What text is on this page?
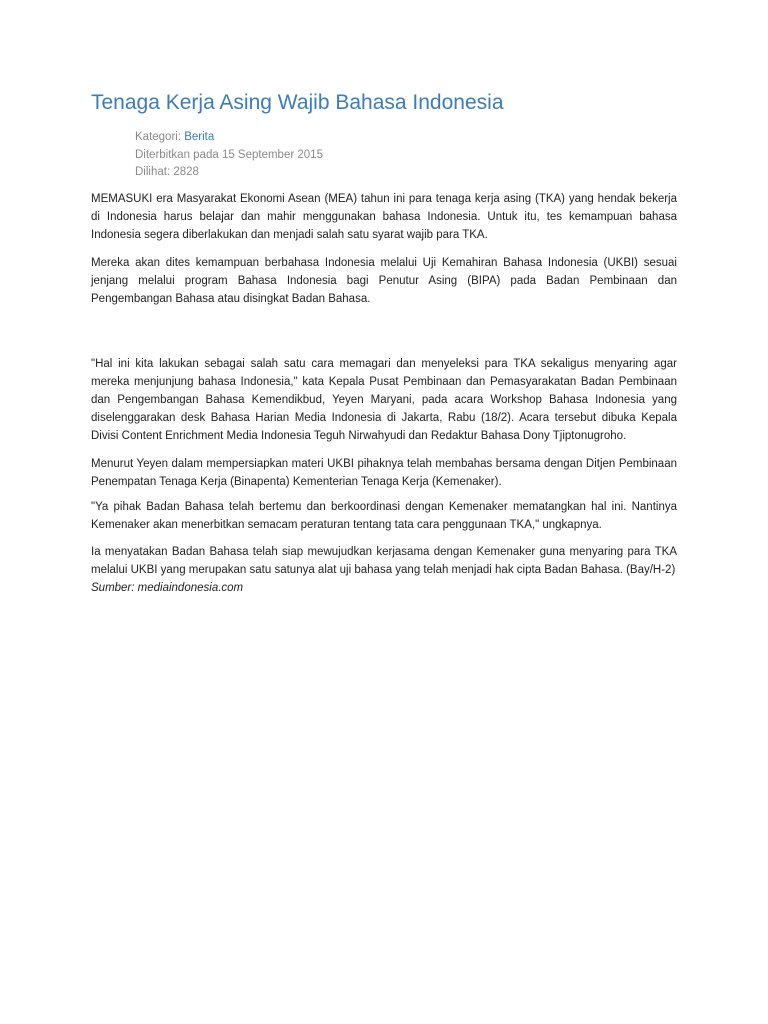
Tenaga Kerja Asing Wajib Bahasa Indonesia
Kategori: Berita
Diterbitkan pada 15 September 2015
Dilihat: 2828

MEMASUKI era Masyarakat Ekonomi Asean (MEA) tahun ini para tenaga kerja asing (TKA) yang hendak bekerja di Indonesia harus belajar dan mahir menggunakan bahasa Indonesia. Untuk itu, tes kemampuan bahasa Indonesia segera diberlakukan dan menjadi salah satu syarat wajib para TKA.

Mereka akan dites kemampuan berbahasa Indonesia melalui Uji Kemahiran Bahasa Indonesia (UKBI) sesuai jenjang melalui program Bahasa Indonesia bagi Penutur Asing (BIPA) pada Badan Pembinaan dan Pengembangan Bahasa atau disingkat Badan Bahasa.

"Hal ini kita lakukan sebagai salah satu cara memagari dan menyeleksi para TKA sekaligus menyaring agar mereka menjunjung bahasa Indonesia," kata Kepala Pusat Pembinaan dan Pemasyarakatan Badan Pembinaan dan Pengembangan Bahasa Kemendikbud, Yeyen Maryani, pada acara Workshop Bahasa Indonesia yang diselenggarakan desk Bahasa Harian Media Indonesia di Jakarta, Rabu (18/2). Acara tersebut dibuka Kepala Divisi Content Enrichment Media Indonesia Teguh Nirwahyudi dan Redaktur Bahasa Dony Tjiptonugroho.

Menurut Yeyen dalam mempersiapkan materi UKBI pihaknya telah membahas bersama dengan Ditjen Pembinaan Penempatan Tenaga Kerja (Binapenta) Kementerian Tenaga Kerja (Kemenaker).

"Ya pihak Badan Bahasa telah bertemu dan berkoordinasi dengan Kemenaker mematangkan hal ini. Nantinya Kemenaker akan menerbitkan semacam peraturan tentang tata cara penggunaan TKA," ungkapnya.

Ia menyatakan Badan Bahasa telah siap mewujudkan kerjasama dengan Kemenaker guna menyaring para TKA melalui UKBI yang merupakan satu satunya alat uji bahasa yang telah menjadi hak cipta Badan Bahasa. (Bay/H-2)

Sumber: mediaindonesia.com
